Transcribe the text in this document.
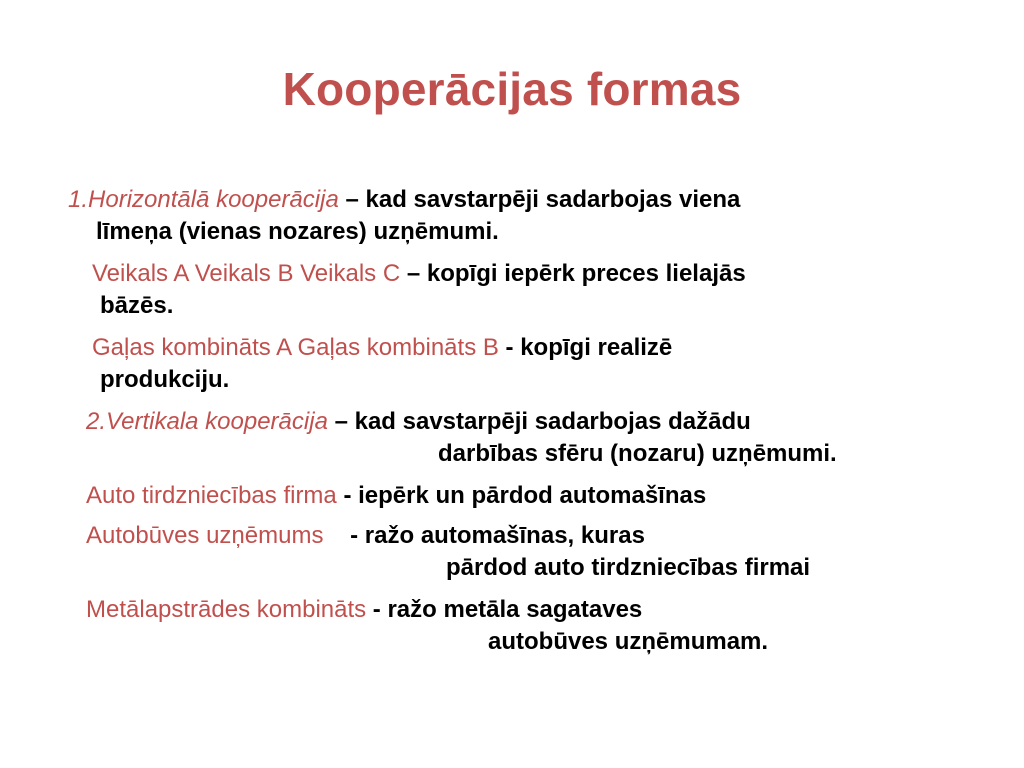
Kooperācijas formas
1.Horizontālā kooperācija – kad savstarpēji sadarbojas viena
līmeņa (vienas nozares) uzņēmumi.
Veikals A Veikals B Veikals C – kopīgi iepērk preces lielajās
bāzēs.
Gaļas kombināts A Gaļas kombināts B - kopīgi realizē
produkciju.
2.Vertikala kooperācija – kad savstarpēji sadarbojas dažādu
darbības sfēru (nozaru) uzņēmumi.
Auto tirdzniecības firma - iepērk un pārdod automašīnas
Autobūves uzņēmums    - ražo automašīnas, kuras
pārdod auto tirdzniecības firmai
Metālapstrādes kombināts - ražo metāla sagataves
autobūves uzņēmumam.
